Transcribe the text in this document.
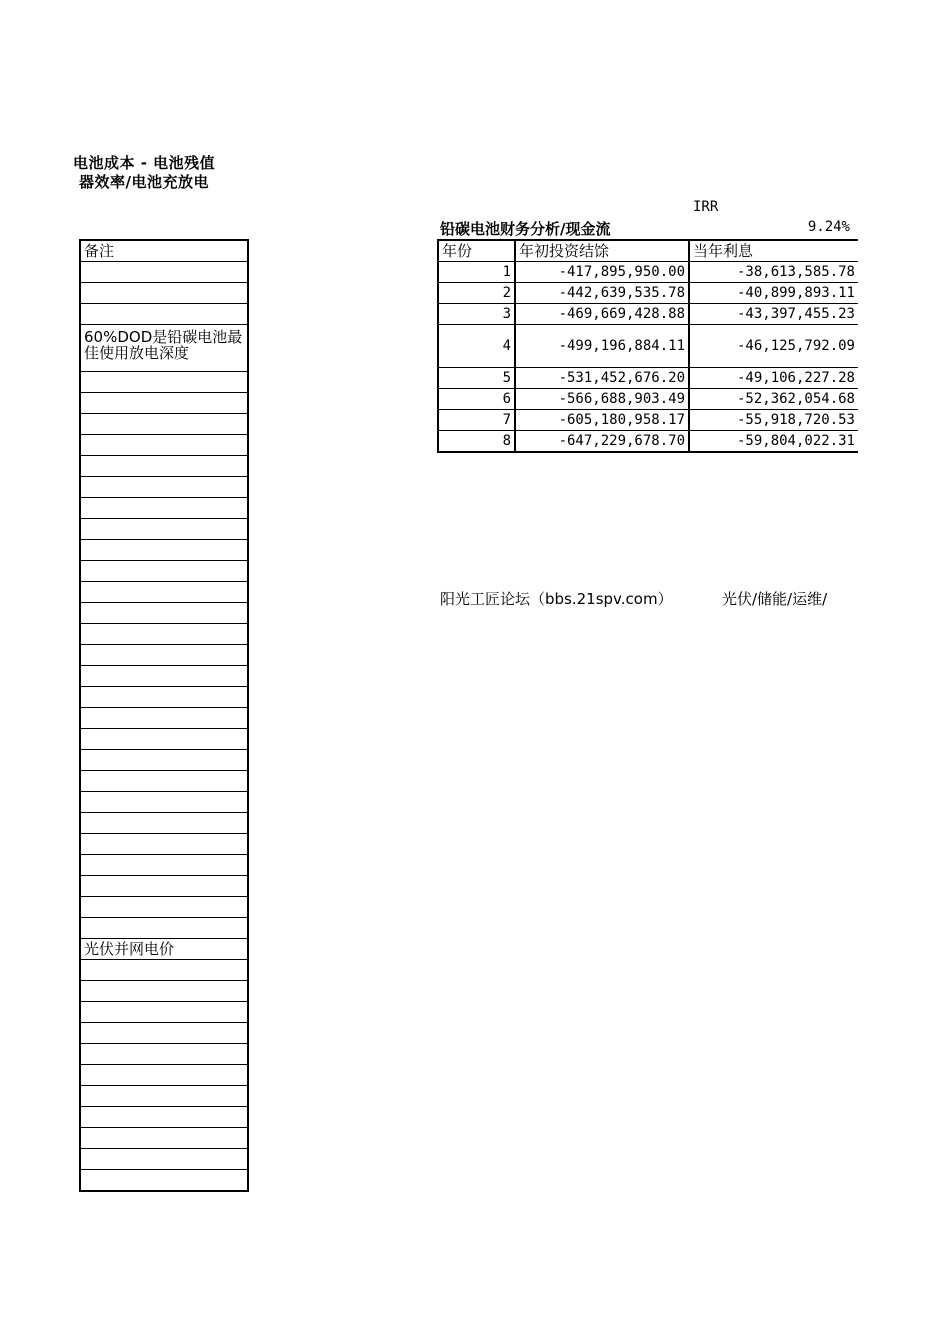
电池成本 - 电池残值
器效率/电池充放电
备注

60%DOD是铅碳电池最佳使用放电深度

光伏并网电价

IRR
9.24%
铅碳电池财务分析/现金流
年份	年初投资结馀	当年利息
1	-417,895,950.00	-38,613,585.78
2	-442,639,535.78	-40,899,893.11
3	-469,669,428.88	-43,397,455.23
4	-499,196,884.11	-46,125,792.09
5	-531,452,676.20	-49,106,227.28
6	-566,688,903.49	-52,362,054.68
7	-605,180,958.17	-55,918,720.53
8	-647,229,678.70	-59,804,022.31
阳光工匠论坛（bbs.21spv.com）	光伏/储能/运维/
